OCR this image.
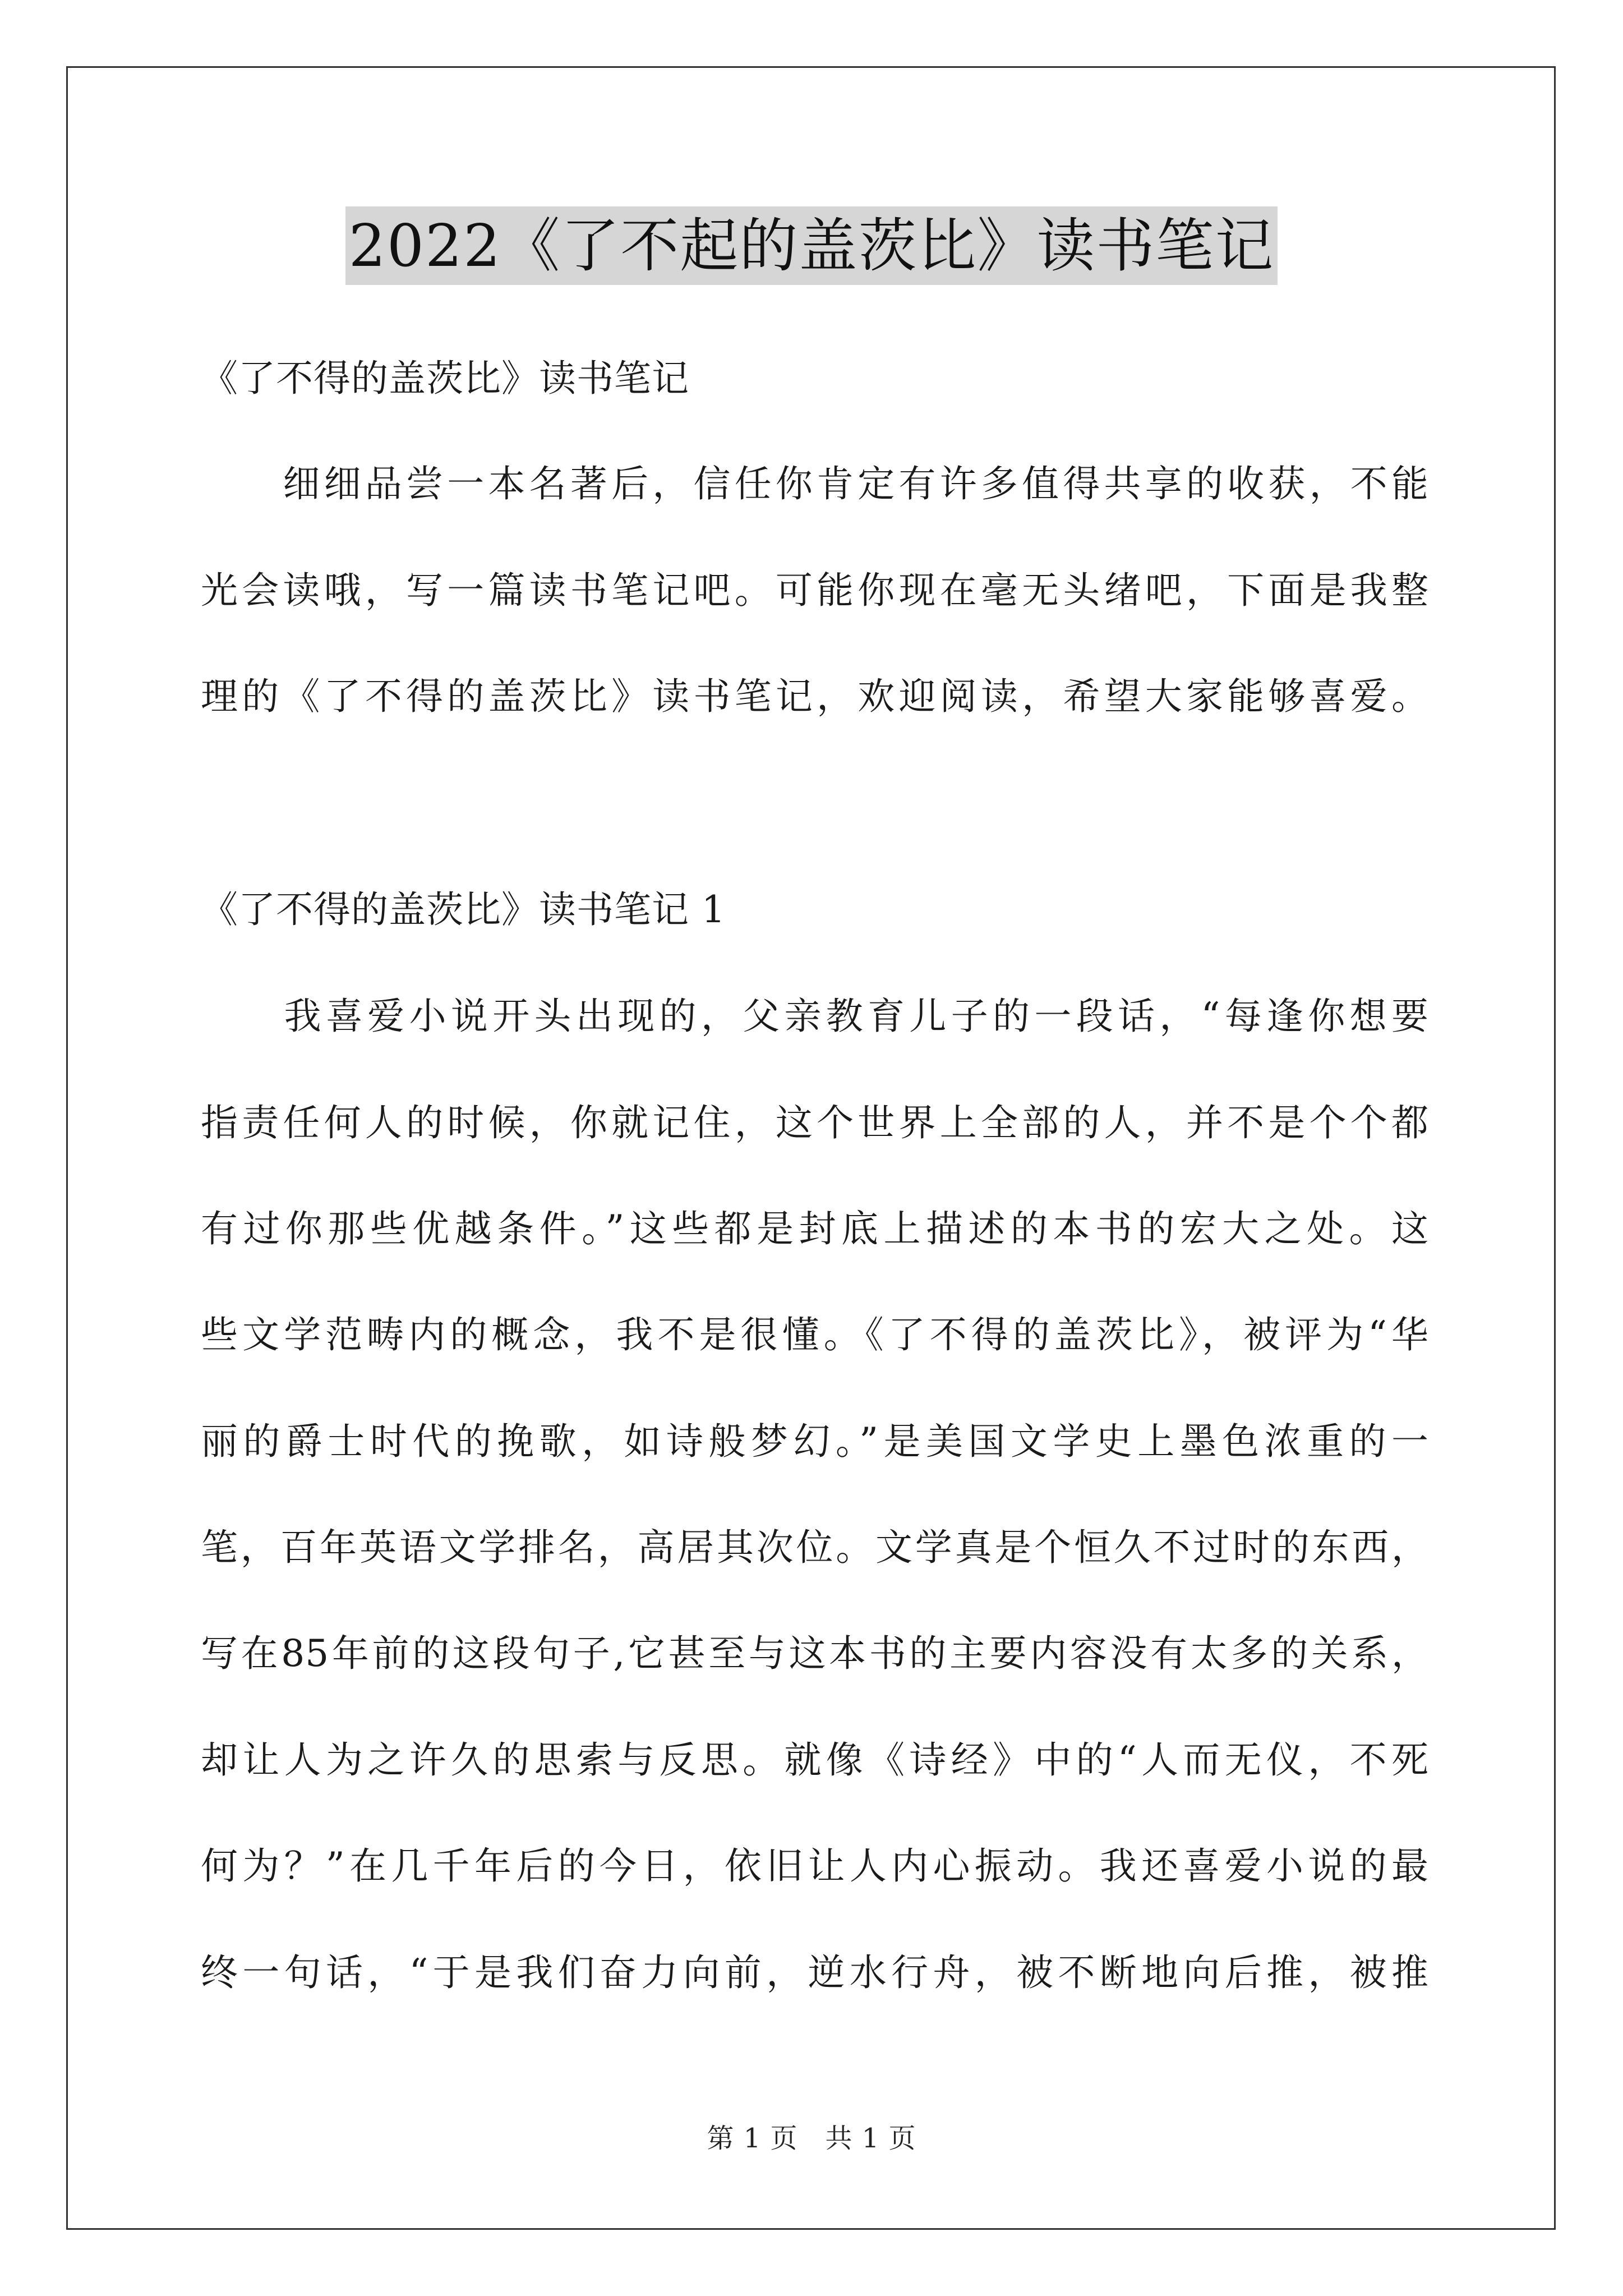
2022《了不起的盖茨比》读书笔记
《了不得的盖茨比》读书笔记
　　细细品尝一本名著后，信任你肯定有许多值得共享的收获，不能
光会读哦，写一篇读书笔记吧。可能你现在毫无头绪吧，下面是我整
理的《了不得的盖茨比》读书笔记，欢迎阅读，希望大家能够喜爱。
《了不得的盖茨比》读书笔记 1
　　我喜爱小说开头出现的，父亲教育儿子的一段话，“每逢你想要
指责任何人的时候，你就记住，这个世界上全部的人，并不是个个都
有过你那些优越条件。”这些都是封底上描述的本书的宏大之处。这
些文学范畴内的概念，我不是很懂。《了不得的盖茨比》，被评为“华
丽的爵士时代的挽歌，如诗般梦幻。”是美国文学史上墨色浓重的一
笔，百年英语文学排名，高居其次位。文学真是个恒久不过时的东西，
写在85年前的这段句子,它甚至与这本书的主要内容没有太多的关系，
却让人为之许久的思索与反思。就像《诗经》中的“人而无仪，不死
何为？”在几千年后的今日，依旧让人内心振动。我还喜爱小说的最
终一句话，“于是我们奋力向前，逆水行舟，被不断地向后推，被推
第 1 页　共 1 页
